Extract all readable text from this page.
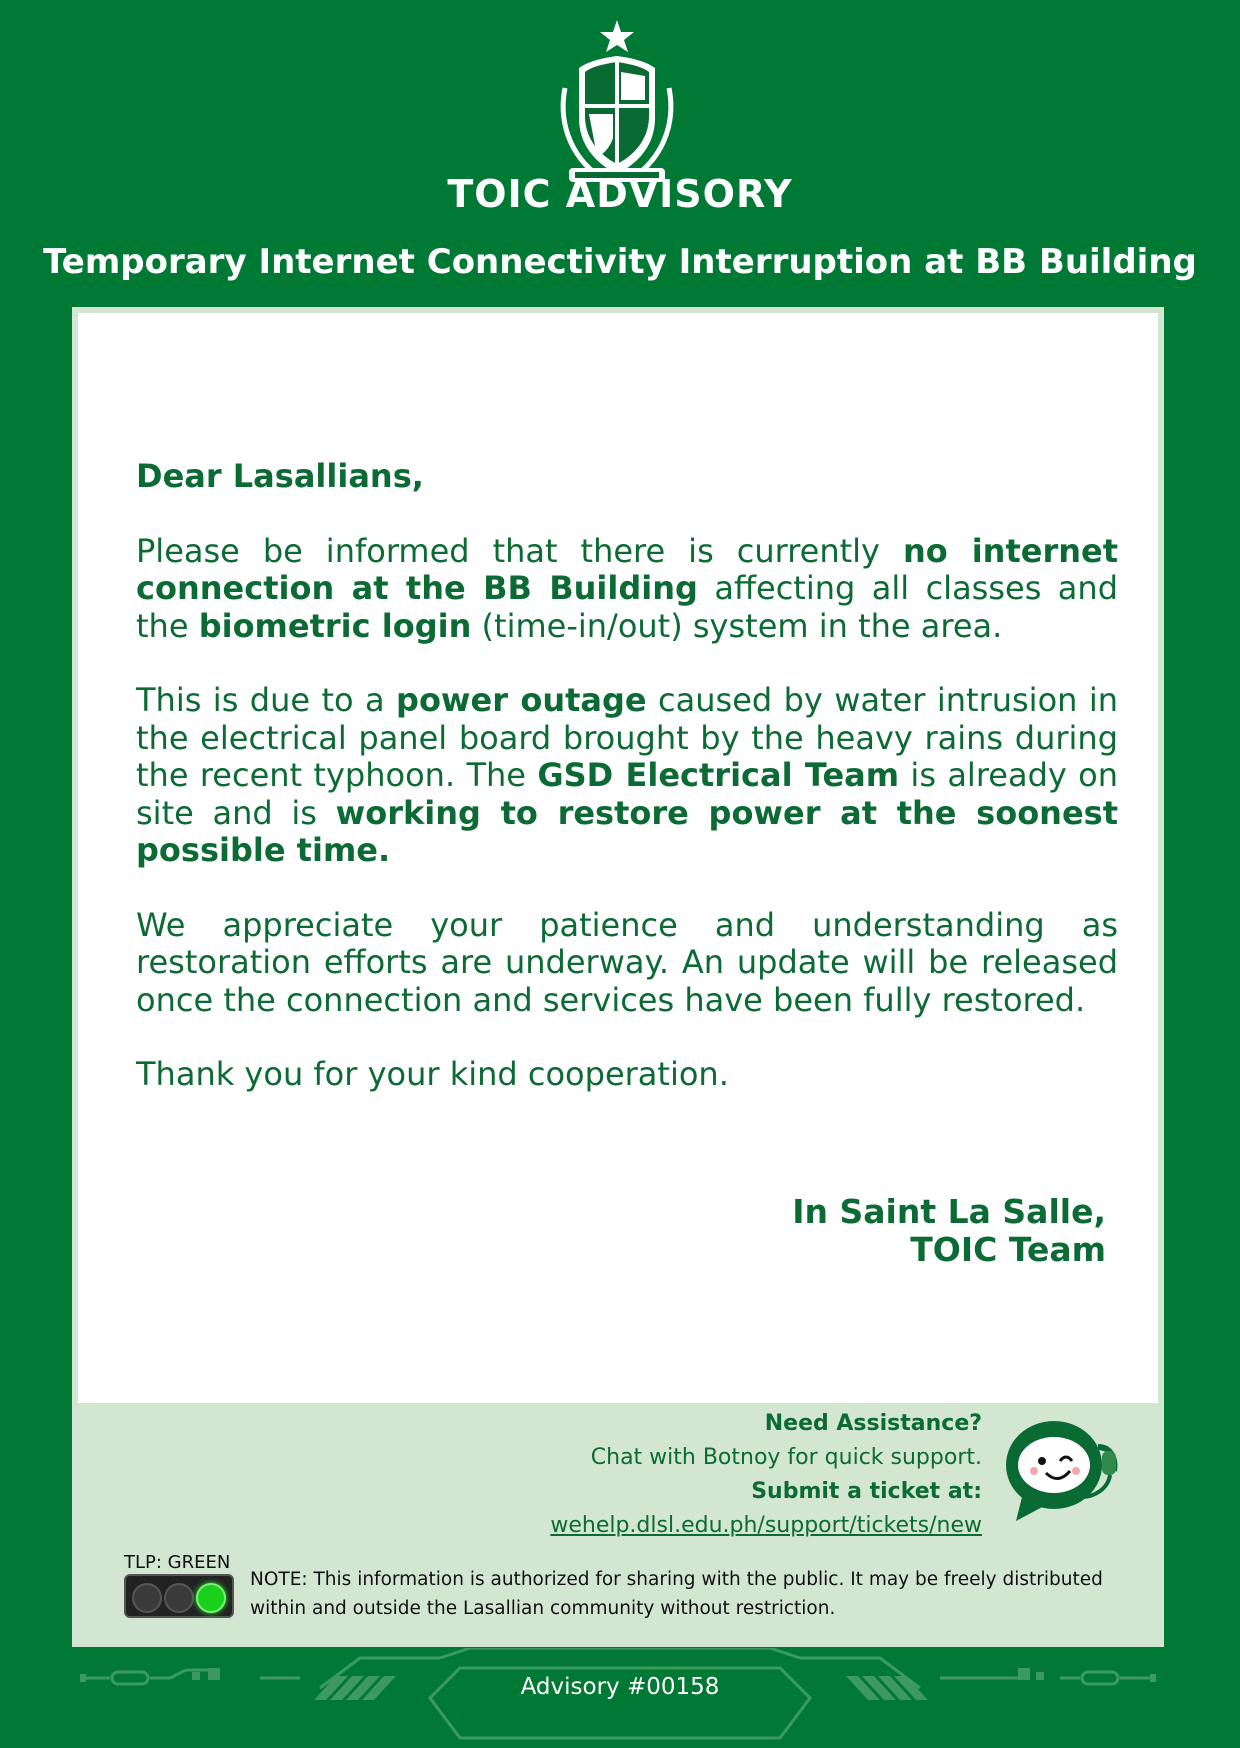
TOIC ADVISORY
Temporary Internet Connectivity Interruption at BB Building

Dear Lasallians,

Please be informed that there is currently no internet connection at the BB Building affecting all classes and the biometric login (time-in/out) system in the area.

This is due to a power outage caused by water intrusion in the electrical panel board brought by the heavy rains during the recent typhoon. The GSD Electrical Team is already on site and is working to restore power at the soonest possible time.

We appreciate your patience and understanding as restoration efforts are underway. An update will be released once the connection and services have been fully restored.

Thank you for your kind cooperation.

In Saint La Salle,
TOIC Team
Need Assistance?
Chat with Botnoy for quick support.
Submit a ticket at:
wehelp.dlsl.edu.ph/support/tickets/new
TLP: GREEN
NOTE: This information is authorized for sharing with the public. It may be freely distributed within and outside the Lasallian community without restriction.
Advisory #00158
